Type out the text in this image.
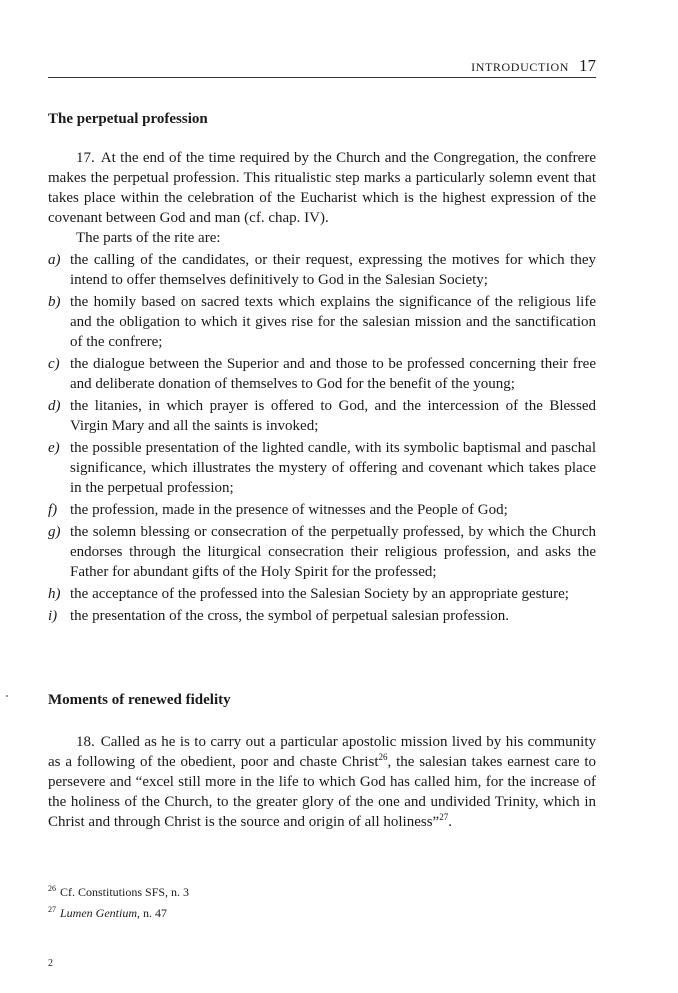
INTRODUCTION 17
The perpetual profession
17. At the end of the time required by the Church and the Congregation, the confrere makes the perpetual profession. This ritualistic step marks a particularly solemn event that takes place within the celebration of the Eucharist which is the highest expression of the covenant between God and man (cf. chap. IV).
The parts of the rite are:
a) the calling of the candidates, or their request, expressing the motives for which they intend to offer themselves definitively to God in the Salesian Society;
b) the homily based on sacred texts which explains the significance of the religious life and the obligation to which it gives rise for the salesian mission and the sanctification of the confrere;
c) the dialogue between the Superior and and those to be professed concerning their free and deliberate donation of themselves to God for the benefit of the young;
d) the litanies, in which prayer is offered to God, and the intercession of the Blessed Virgin Mary and all the saints is invoked;
e) the possible presentation of the lighted candle, with its symbolic baptismal and paschal significance, which illustrates the mystery of offering and covenant which takes place in the perpetual profession;
f) the profession, made in the presence of witnesses and the People of God;
g) the solemn blessing or consecration of the perpetually professed, by which the Church endorses through the liturgical consecration their religious profession, and asks the Father for abundant gifts of the Holy Spirit for the professed;
h) the acceptance of the professed into the Salesian Society by an appropriate gesture;
i) the presentation of the cross, the symbol of perpetual salesian profession.
Moments of renewed fidelity
18. Called as he is to carry out a particular apostolic mission lived by his community as a following of the obedient, poor and chaste Christ$^{26}$, the salesian takes earnest care to persevere and “excel still more in the life to which God has called him, for the increase of the holiness of the Church, to the greater glory of the one and undivided Trinity, which in Christ and through Christ is the source and origin of all holiness”$^{27}$.
$^{26}$ Cf. Constitutions SFS, n. 3
$^{27}$ Lumen Gentium, n. 47
2
